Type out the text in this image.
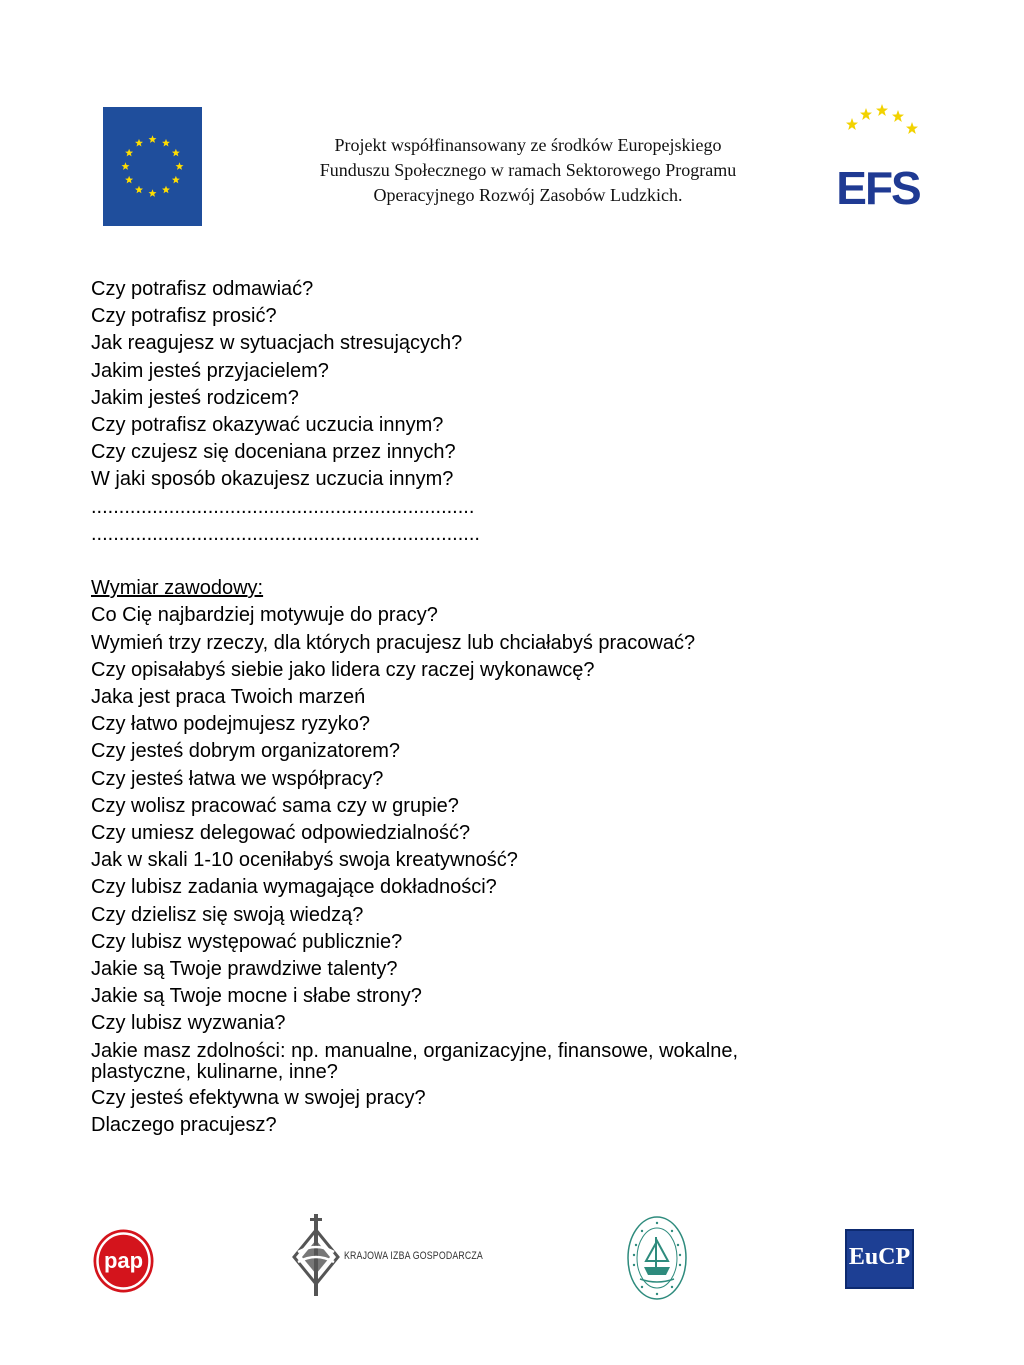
Projekt współfinansowany ze środków Europejskiego
Funduszu Społecznego w ramach Sektorowego Programu
Operacyjnego Rozwój Zasobów Ludzkich.	EFS

Czy potrafisz odmawiać?

Czy potrafisz prosić?

Jak reagujesz w sytuacjach stresujących?

Jakim jesteś przyjacielem?

Jakim jesteś rodzicem?

Czy potrafisz okazywać uczucia innym?

Czy czujesz się doceniana przez innych?

W jaki sposób okazujesz uczucia innym?

.....................................................................

......................................................................

Wymiar zawodowy:

Co Cię najbardziej motywuje do pracy?

Wymień trzy rzeczy, dla których pracujesz lub chciałabyś pracować?

Czy opisałabyś siebie jako lidera czy raczej wykonawcę?

Jaka jest praca Twoich marzeń

Czy łatwo podejmujesz ryzyko?

Czy jesteś dobrym organizatorem?

Czy jesteś łatwa we współpracy?

Czy wolisz pracować sama czy w grupie?

Czy umiesz delegować odpowiedzialność?

Jak w skali 1-10 oceniłabyś swoja kreatywność?

Czy lubisz zadania wymagające dokładności?

Czy dzielisz się swoją wiedzą?

Czy lubisz występować publicznie?

Jakie są Twoje prawdziwe talenty?

Jakie są Twoje mocne i słabe strony?

Czy lubisz wyzwania?

Jakie masz zdolności: np. manualne, organizacyjne, finansowe, wokalne, plastyczne, kulinarne, inne?

Czy jesteś efektywna w swojej pracy?

Dlaczego pracujesz?

pap	KRAJOWA IZBA GOSPODARCZA	EuCP
